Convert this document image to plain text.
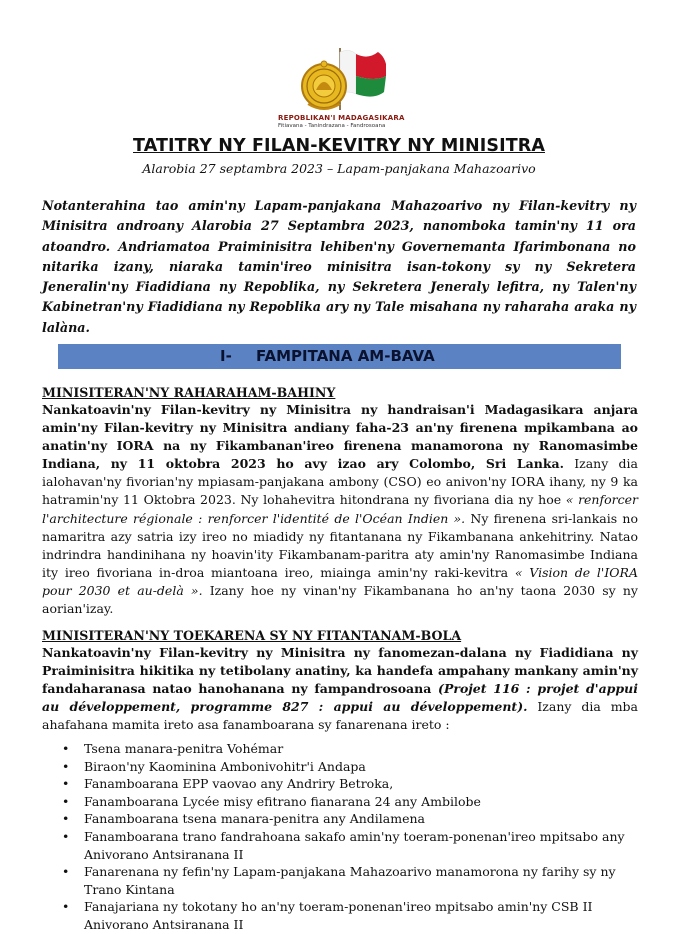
REPOBLIKAN'I MADAGASIKARA
Fitiavana - Tanindrazana - Fandrosoana
TATITRY NY FILAN-KEVITRY NY MINISITRA
Alarobia 27 septambra 2023 – Lapam-panjakana Mahazoarivo
Notanterahina tao amin'ny Lapam-panjakana Mahazoarivo ny Filan-kevitry ny Minisitra androany Alarobia 27 Septambra 2023, nanomboka tamin'ny 11 ora atoandro. Andriamatoa Praiminisitra lehiben'ny Governemanta Ifarimbonana no nitarika izany, niaraka tamin'ireo minisitra isan-tokony sy ny Sekretera Jeneralin'ny Fiadidiana ny Repoblika, ny Sekretera Jeneraly lefitra, ny Talen'ny Kabinetran'ny Fiadidiana ny Repoblika ary ny Tale misahana ny raharaha araka ny lalàna.
I- FAMPITANA AM-BAVA
MINISITERAN'NY RAHARAHAM-BAHINY
Nankatoavin'ny Filan-kevitry ny Minisitra ny handraisan'i Madagasikara anjara amin'ny Filan-kevitry ny Minisitra andiany faha-23 an'ny firenena mpikambana ao anatin'ny IORA na ny Fikambanan'ireo firenena manamorona ny Ranomasimbe Indiana, ny 11 oktobra 2023 ho avy izao ary Colombo, Sri Lanka. Izany dia ialohavan'ny fivorian'ny mpiasam-panjakana ambony (CSO) eo anivon'ny IORA ihany, ny 9 ka hatramin'ny 11 Oktobra 2023. Ny lohahevitra hitondrana ny fivoriana dia ny hoe « renforcer l'architecture régionale : renforcer l'identité de l'Océan Indien ». Ny firenena sri-lankais no namaritra azy satria izy ireo no miadidy ny fitantanana ny Fikambanana ankehitriny. Natao indrindra handinihana ny hoavin'ity Fikambanam-paritra aty amin'ny Ranomasimbe Indiana ity ireo fivoriana in-droa miantoana ireo, miainga amin'ny raki-kevitra « Vision de l'IORA pour 2030 et au-delà ». Izany hoe ny vinan'ny Fikambanana ho an'ny taona 2030 sy ny aorian'izay.
MINISITERAN'NY TOEKARENA SY NY FITANTANAM-BOLA
Nankatoavin'ny Filan-kevitry ny Minisitra ny fanomezan-dalana ny Fiadidiana ny Praiminisitra hikitika ny tetibolany anatiny, ka handefa ampahany mankany amin'ny fandaharanasa natao hanohanana ny fampandrosoana (Projet 116 : projet d'appui au développement, programme 827 : appui au développement). Izany dia mba ahafahana mamita ireto asa fanamboarana sy fanarenana ireto :
• Tsena manara-penitra Vohémar
• Biraon'ny Kaominina Ambonivohitr'i Andapa
• Fanamboarana EPP vaovao any Andriry Betroka,
• Fanamboarana Lycée misy efitrano fianarana 24 any Ambilobe
• Fanamboarana tsena manara-penitra any Andilamena
• Fanamboarana trano fandrahoana sakafo amin'ny toeram-ponenan'ireo mpitsabo any Anivorano Antsiranana II
• Fanarenana ny fefin'ny Lapam-panjakana Mahazoarivo manamorona ny farihy sy ny Trano Kintana
• Fanajariana ny tokotany ho an'ny toeram-ponenan'ireo mpitsabo amin'ny CSB II Anivorano Antsiranana II
